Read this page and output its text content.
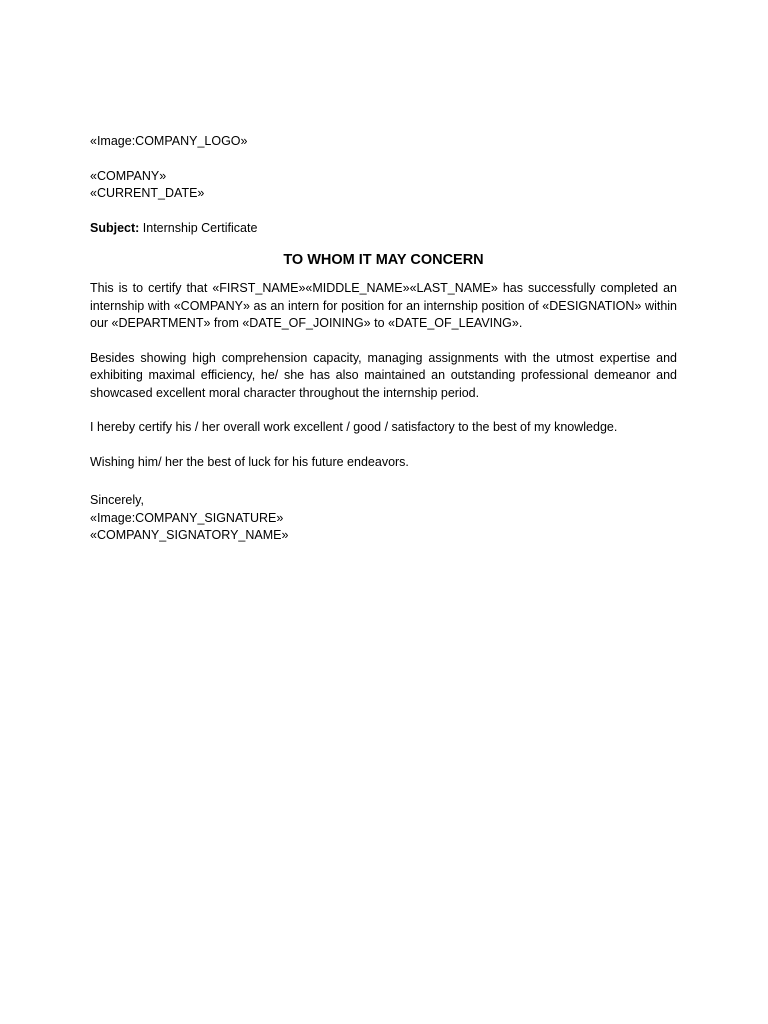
«Image:COMPANY_LOGO»

«COMPANY»

«CURRENT_DATE»

Subject: Internship Certificate

TO WHOM IT MAY CONCERN

This is to certify that «FIRST_NAME»«MIDDLE_NAME»«LAST_NAME» has successfully completed an internship with «COMPANY» as an intern for position for an internship position of «DESIGNATION» within our «DEPARTMENT» from «DATE_OF_JOINING» to «DATE_OF_LEAVING».

Besides showing high comprehension capacity, managing assignments with the utmost expertise and exhibiting maximal efficiency, he/ she has also maintained an outstanding professional demeanor and showcased excellent moral character throughout the internship period.

I hereby certify his / her overall work excellent / good / satisfactory to the best of my knowledge.

Wishing him/ her the best of luck for his future endeavors.

Sincerely,

«Image:COMPANY_SIGNATURE»

«COMPANY_SIGNATORY_NAME»
